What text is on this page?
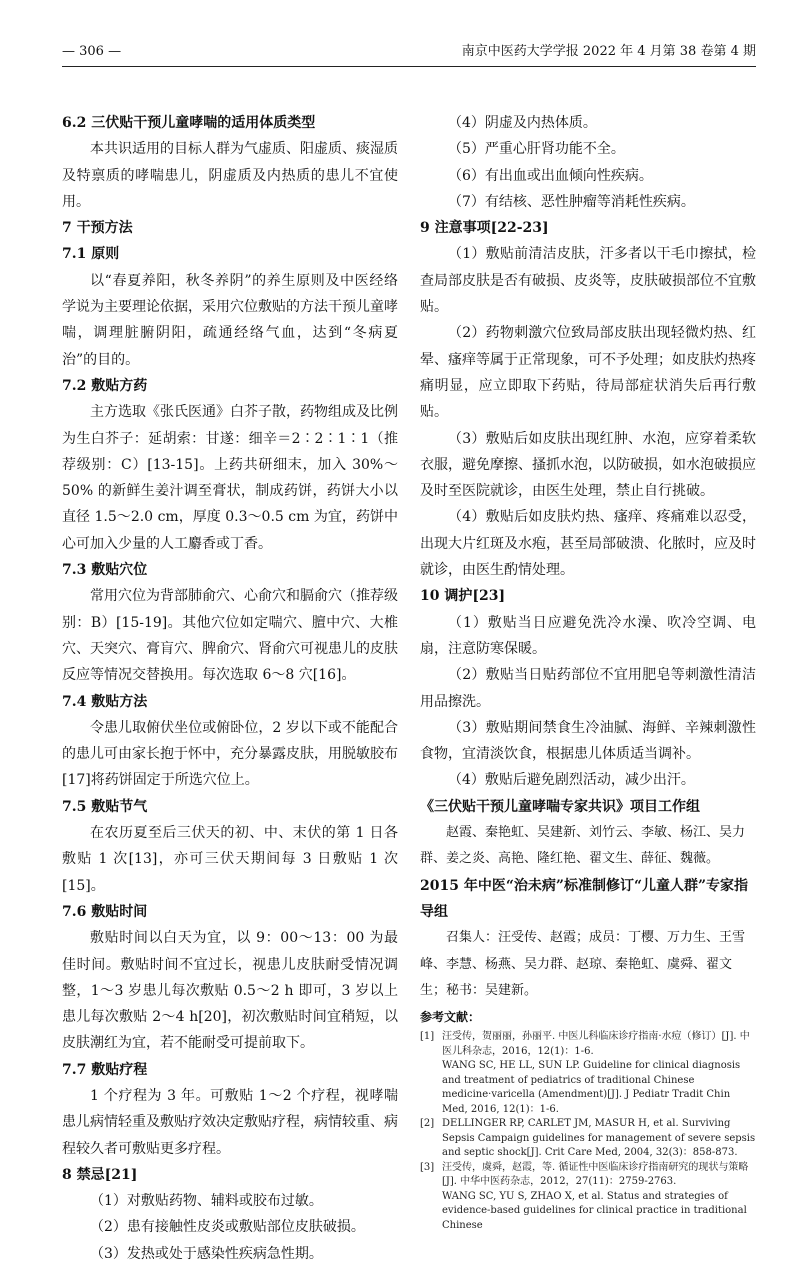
— 306 —	南京中医药大学学报 2022 年 4 月第 38 卷第 4 期

6.2 三伏贴干预儿童哮喘的适用体质类型

本共识适用的目标人群为气虚质、阳虚质、痰湿质及特禀质的哮喘患儿，阴虚质及内热质的患儿不宜使用。

7 干预方法

7.1 原则

以“春夏养阳，秋冬养阴”的养生原则及中医经络学说为主要理论依据，采用穴位敷贴的方法干预儿童哮喘，调理脏腑阴阳，疏通经络气血，达到“冬病夏治”的目的。

7.2 敷贴方药

主方选取《张氏医通》白芥子散，药物组成及比例为生白芥子：延胡索：甘遂：细辛＝2∶2∶1∶1（推荐级别：C）[13-15]。上药共研细末，加入 30%～50% 的新鲜生姜汁调至膏状，制成药饼，药饼大小以直径 1.5～2.0 cm，厚度 0.3～0.5 cm 为宜，药饼中心可加入少量的人工麝香或丁香。

7.3 敷贴穴位

常用穴位为背部肺俞穴、心俞穴和膈俞穴（推荐级别：B）[15-19]。其他穴位如定喘穴、膻中穴、大椎穴、天突穴、膏肓穴、脾俞穴、肾俞穴可视患儿的皮肤反应等情况交替换用。每次选取 6～8 穴[16]。

7.4 敷贴方法

令患儿取俯伏坐位或俯卧位，2 岁以下或不能配合的患儿可由家长抱于怀中，充分暴露皮肤，用脱敏胶布[17]将药饼固定于所选穴位上。

7.5 敷贴节气

在农历夏至后三伏天的初、中、末伏的第 1 日各敷贴 1 次[13]，亦可三伏天期间每 3 日敷贴 1 次[15]。

7.6 敷贴时间

敷贴时间以白天为宜，以 9：00～13：00 为最佳时间。敷贴时间不宜过长，视患儿皮肤耐受情况调整，1～3 岁患儿每次敷贴 0.5～2 h 即可，3 岁以上患儿每次敷贴 2～4 h[20]，初次敷贴时间宜稍短，以皮肤潮红为宜，若不能耐受可提前取下。

7.7 敷贴疗程

1 个疗程为 3 年。可敷贴 1～2 个疗程，视哮喘患儿病情轻重及敷贴疗效决定敷贴疗程，病情较重、病程较久者可敷贴更多疗程。

8 禁忌[21]

（1）对敷贴药物、辅料或胶布过敏。

（2）患有接触性皮炎或敷贴部位皮肤破损。

（3）发热或处于感染性疾病急性期。

（4）阴虚及内热体质。

（5）严重心肝肾功能不全。

（6）有出血或出血倾向性疾病。

（7）有结核、恶性肿瘤等消耗性疾病。

9 注意事项[22-23]

（1）敷贴前清洁皮肤，汗多者以干毛巾擦拭，检查局部皮肤是否有破损、皮炎等，皮肤破损部位不宜敷贴。

（2）药物刺激穴位致局部皮肤出现轻微灼热、红晕、瘙痒等属于正常现象，可不予处理；如皮肤灼热疼痛明显，应立即取下药贴，待局部症状消失后再行敷贴。

（3）敷贴后如皮肤出现红肿、水泡，应穿着柔软衣服，避免摩擦、搔抓水泡，以防破损，如水泡破损应及时至医院就诊，由医生处理，禁止自行挑破。

（4）敷贴后如皮肤灼热、瘙痒、疼痛难以忍受，出现大片红斑及水疱，甚至局部破溃、化脓时，应及时就诊，由医生酌情处理。

10 调护[23]

（1）敷贴当日应避免洗冷水澡、吹冷空调、电扇，注意防寒保暖。

（2）敷贴当日贴药部位不宜用肥皂等刺激性清洁用品擦洗。

（3）敷贴期间禁食生冷油腻、海鲜、辛辣刺激性食物，宜清淡饮食，根据患儿体质适当调补。

（4）敷贴后避免剧烈活动，减少出汗。

《三伏贴干预儿童哮喘专家共识》项目工作组

赵霞、秦艳虹、吴建新、刘竹云、李敏、杨江、吴力群、姜之炎、高艳、隆红艳、翟文生、薛征、魏薇。

2015 年中医“治未病”标准制修订“儿童人群”专家指导组

召集人：汪受传、赵霞；成员：丁樱、万力生、王雪峰、李慧、杨燕、吴力群、赵琼、秦艳虹、虞舜、翟文生；秘书：吴建新。

参考文献：

[1] 汪受传，贺丽丽，孙丽平. 中医儿科临床诊疗指南·水痘（修订）[J]. 中医儿科杂志，2016，12(1)：1-6.
WANG SC, HE LL, SUN LP. Guideline for clinical diagnosis and treatment of pediatrics of traditional Chinese medicine·varicella (Amendment)[J]. J Pediatr Tradit Chin Med, 2016, 12(1)：1-6.
[2] DELLINGER RP, CARLET JM, MASUR H, et al. Surviving Sepsis Campaign guidelines for management of severe sepsis and septic shock[J]. Crit Care Med, 2004, 32(3)：858-873.
[3] 汪受传，虞舜，赵霞，等. 循证性中医临床诊疗指南研究的现状与策略[J]. 中华中医药杂志，2012，27(11)：2759-2763.
WANG SC, YU S, ZHAO X, et al. Status and strategies of evidence-based guidelines for clinical practice in traditional Chinese
